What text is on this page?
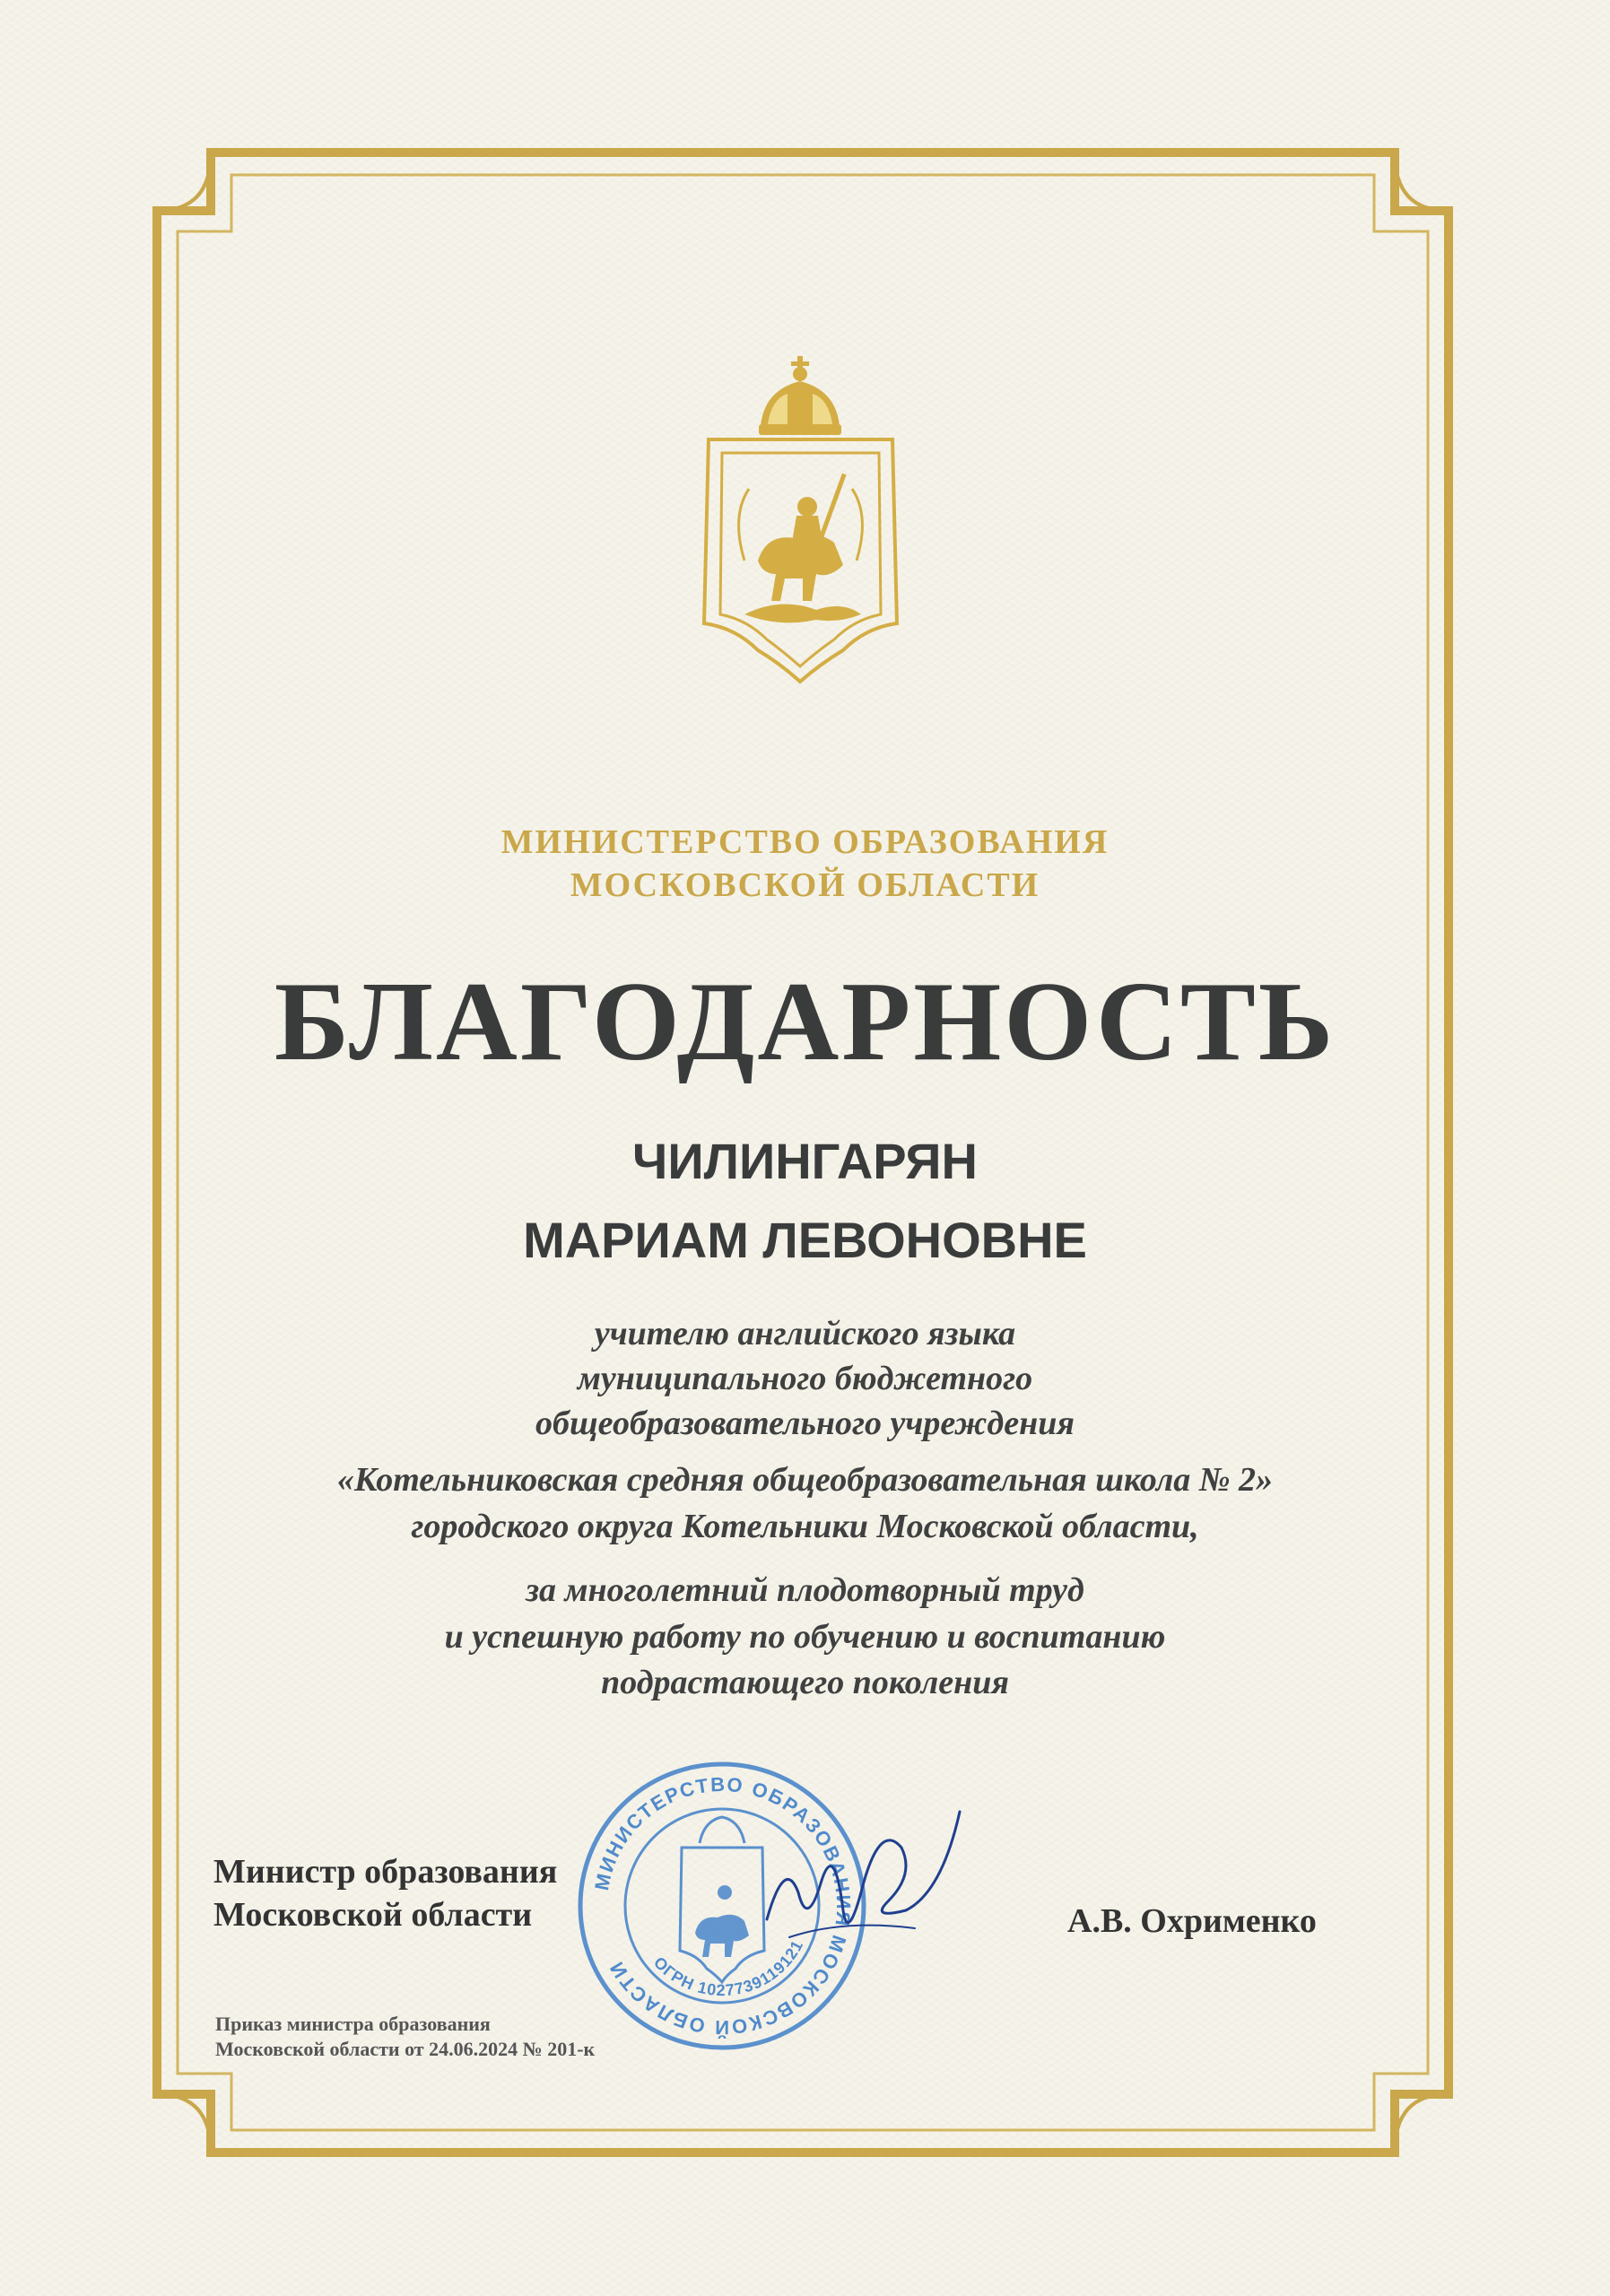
МИНИСТЕРСТВО ОБРАЗОВАНИЯ
МОСКОВСКОЙ ОБЛАСТИ
БЛАГОДАРНОСТЬ
ЧИЛИНГАРЯН
МАРИАМ ЛЕВОНОВНЕ
учителю английского языка
муниципального бюджетного
общеобразовательного учреждения
«Котельниковская средняя общеобразовательная школа № 2»
городского округа Котельники Московской области,
за многолетний плодотворный труд
и успешную работу по обучению и воспитанию
подрастающего поколения
Министр образования
Московской области	А.В. Охрименко
МИНИСТЕРСТВО ОБРАЗОВАНИЯ МОСКОВСКОЙ ОБЛАСТИ	ОГРН 1027739119121
Приказ министра образования
Московской области от 24.06.2024 № 201-к
